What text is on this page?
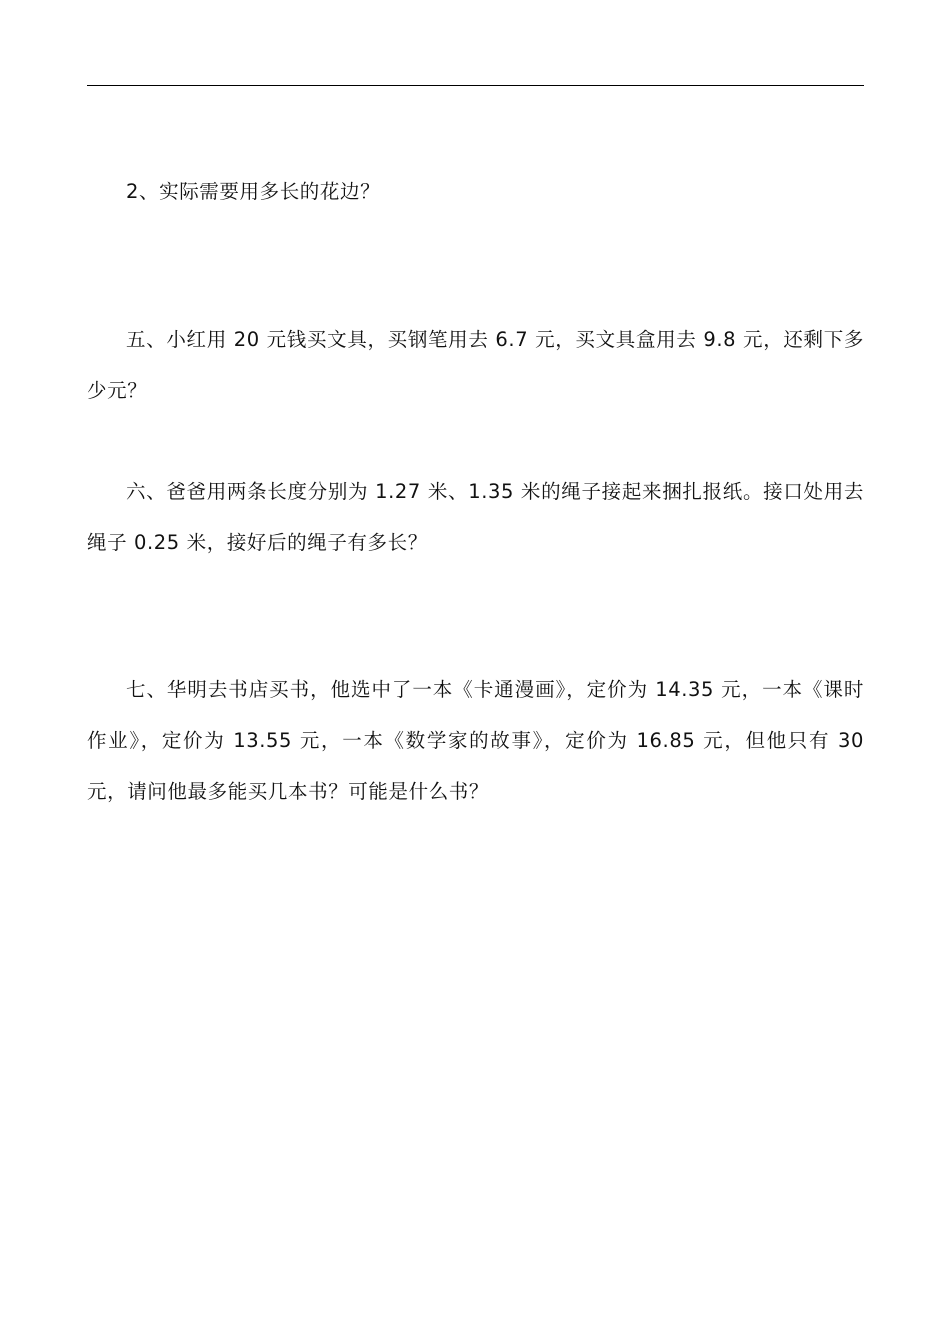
2、实际需要用多长的花边？

五、小红用 20 元钱买文具，买钢笔用去 6.7 元，买文具盒用去 9.8 元，还剩下多少元？

六、爸爸用两条长度分别为 1.27 米、1.35 米的绳子接起来捆扎报纸。接口处用去绳子 0.25 米，接好后的绳子有多长？

七、华明去书店买书，他选中了一本《卡通漫画》，定价为 14.35 元，一本《课时作业》，定价为 13.55 元，一本《数学家的故事》，定价为 16.85 元，但他只有 30 元，请问他最多能买几本书？可能是什么书？
